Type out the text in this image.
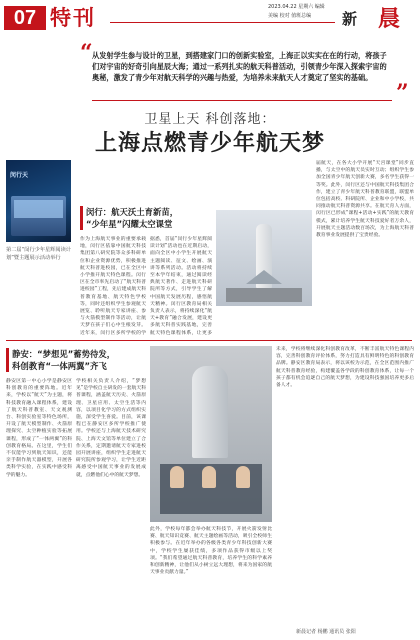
07 特刊	2023.04.22 星期六 编辑
美编 校对 值班总编 新 晨
“ 从发射学生参与设计的卫星，到搭建家门口的创新实验室，上海正以实实在在的行动，将孩子们对宇宙的好奇引向星辰大海；通过一系列扎实的航天科普活动，引领青少年深入探索宇宙的奥秘，激发了青少年对航天科学的兴趣与热爱，为培养未来航天人才奠定了坚实的基础。
”
卫星上天 科创落地：
上海点燃青少年航天梦
闵行天
第二届“闵行少年星辉阅读计划”暨主题展示活动举行
闵行：航天沃土育新苗，
“少年星”闪耀太空课堂
作为上海航天事业的重要承载地，闵行区依靠中国航天科技集团第八研究院等众多科研单位和企业资源优势，积极推进航天科普进校园，已在全区中小学推开航天特色课程。闵行区在全市率先启动了“航天科普进校园”工程，先后建成航天科普教育基地、航天特色学校等，同时还组织学生参观航天展览、聆听航天专家讲座、参与火箭模型制作等活动，让航天梦在孩子们心中生根发芽。近年来，闵行区多所学校的学
据悉，首届“闵行少年星辉阅读计划”活动也在近期启动，面向全区中小学生开展航天主题阅读、征文、绘画、演讲等系列活动。活动将持续至本学年结束，通过阅读经典航天著作、走进航天科研院所等方式，引导学生了解中国航天发展历程，感悟航天精神。闵行区教育局相关负责人表示，将持续深化“航天+教育”融合发展，建设更多航天科普实践基地，完善航天特色课程体系，让更多
届航天，在各大小学开展“天宫课堂”同步直播，与太空中的航天员实时互动；组织学生参加全国青少年航天创新大赛，多名学生获得一等奖。此外，闵行区还与中国航天科技集团合作，建立了青少年航天科普教育联盟，联盟单位包括高校、科研院所、企业和中小学校，共同推动航天科普资源共享。在航天育人方面，闵行区已形成“课程+活动+实践”的航天教育模式，累计培养学生航天科技爱好者万余人，开展航天主题活动数百场次，为上海航天科普教育事业发展提供了宝贵经验。
静安：“梦想见”蓄势待发，
科创教育“一体两翼”齐飞
静安区第一中心小学是静安区科创教育的重要阵地。近年来，学校以“航天”为主题，将科技教育融入课程体系，建设了航天科普教室、天文观测台、科创实验室等特色场所，开设了航天模型制作、火箭原理探究、太空种植实验等拓展课程，形成了“一体两翼”的科创教育格局。在这里，学生们不仅能学习到航天知识，还能亲手制作航天器模型，开展各类科学实验，在实践中感受科学的魅力。
学校相关负责人介绍，“梦想见”是学校自主研发的一套航天科普课程，涵盖航天历史、火箭原理、卫星应用、太空生活等内容，以项目化学习的方式组织实施，深受学生喜爱。目前，该课程已在静安区多所学校推广使用。学校还与上海航天技术研究院、上海天文馆等单位建立了合作关系，定期邀请航天专家进校园开展讲座，组织学生走进航天研究院所参观学习，让学生近距离感受中国航天事业的发展成就，点燃他们心中的航天梦想。
此外，学校每年都会举办航天科技节，开展火箭发射比赛、航天知识竞赛、航天主题绘画等活动，吸引全校师生积极参与。在近年举办的各级各类青少年科技创新大赛中，学校学生屡获佳绩，多项作品获得市级以上奖项。“我们希望通过航天科普教育，培养学生的科学素养和创新精神，让他们从小树立远大理想，将来为国家的航天事业贡献力量。”
未来，学校将继续深化科创教育改革，不断丰富航天特色课程内容，完善科创教育评价体系，努力打造具有鲜明特色的科创教育品牌。静安区教育局表示，将以该校为示范，在全区范围内推广航天科普教育经验，构建覆盖各学段的科创教育体系，让每一个孩子都有机会追逐自己的航天梦想，为建设科技强国培养更多后备人才。
新晨记者 杨鹏 通讯员 张阳
